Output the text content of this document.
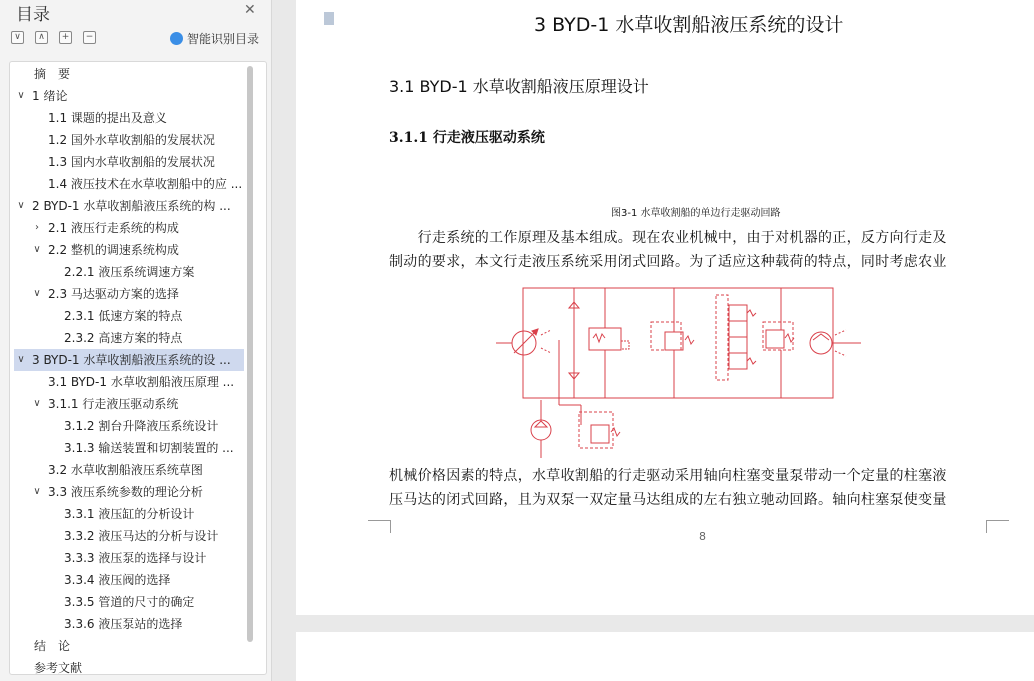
目录	✕
∨	∧	+	−	智能识别目录
摘　要
∨ 1 绪论
1.1 课题的提出及意义
1.2 国外水草收割船的发展状况
1.3 国内水草收割船的发展状况
1.4 液压技术在水草收割船中的应 ...
∨ 2 BYD-1 水草收割船液压系统的构 ...
› 2.1 液压行走系统的构成
∨ 2.2 整机的调速系统构成
2.2.1 液压系统调速方案
∨ 2.3 马达驱动方案的选择
2.3.1 低速方案的特点
2.3.2 高速方案的特点
∨ 3 BYD-1 水草收割船液压系统的设 ...
3.1 BYD-1 水草收割船液压原理 ...
∨ 3.1.1 行走液压驱动系统
3.1.2 割台升降液压系统设计
3.1.3 输送装置和切割装置的 ...
3.2 水草收割船液压系统草图
∨ 3.3 液压系统参数的理论分析
3.3.1 液压缸的分析设计
3.3.2 液压马达的分析与设计
3.3.3 液压泵的选择与设计
3.3.4 液压阀的选择
3.3.5 管道的尺寸的确定
3.3.6 液压泵站的选择
结　论
参考文献
3 BYD-1 水草收割船液压系统的设计
3.1 BYD-1 水草收割船液压原理设计
3.1.1 行走液压驱动系统
图3-1 水草收割船的单边行走驱动回路
　　行走系统的工作原理及基本组成。现在农业机械中，由于对机器的正，反方向行走及
制动的要求，本文行走液压系统采用闭式回路。为了适应这种载荷的特点，同时考虑农业
机械价格因素的特点，水草收割船的行走驱动采用轴向柱塞变量泵带动一个定量的柱塞液
压马达的闭式回路，且为双泵一双定量马达组成的左右独立驰动回路。轴向柱塞泵使变量
8
